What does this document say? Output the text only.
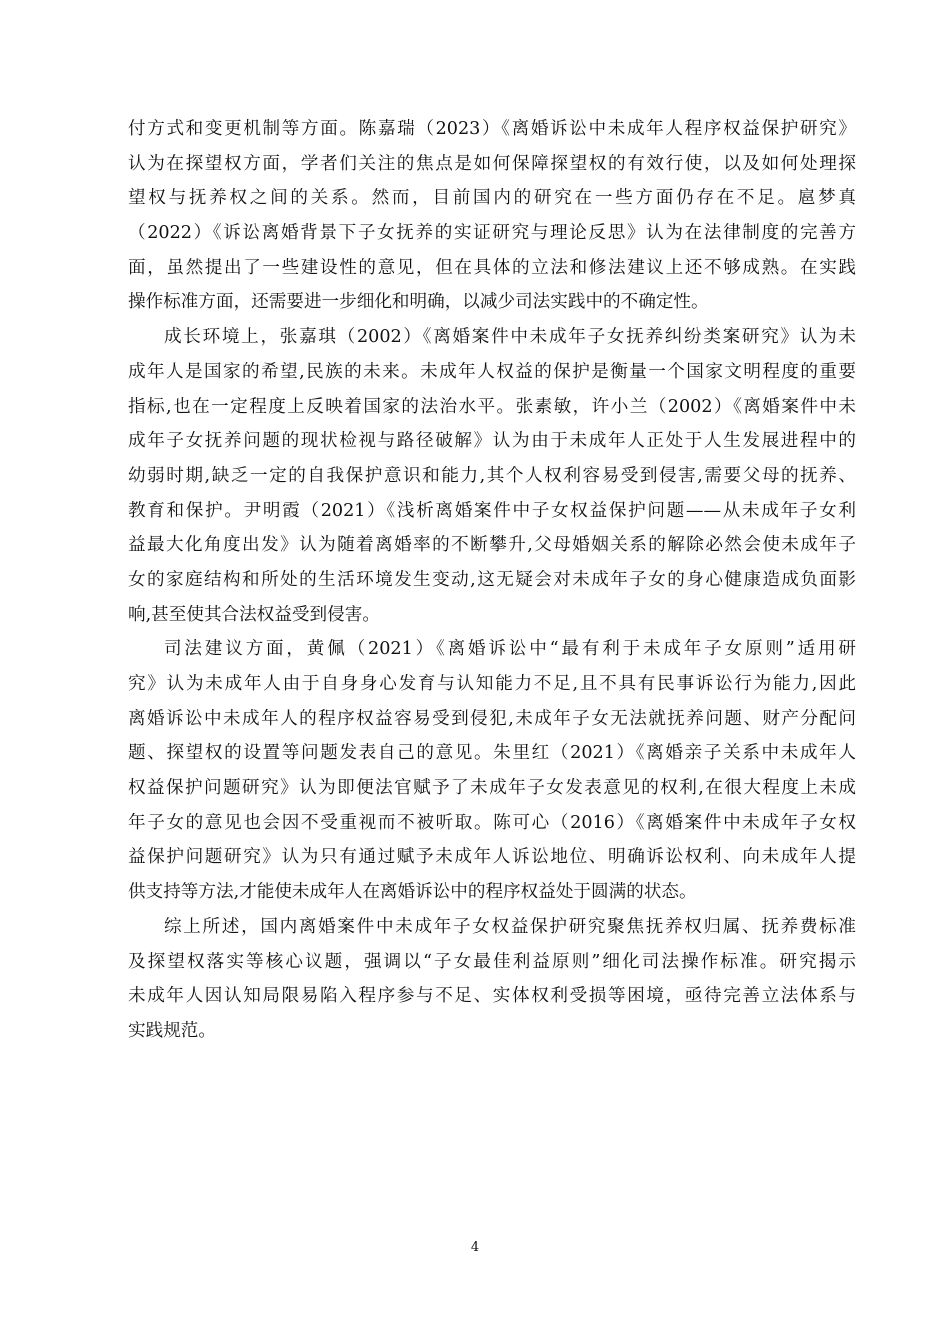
付方式和变更机制等方面。陈嘉瑞（2023）《离婚诉讼中未成年人程序权益保护研究》
认为在探望权方面，学者们关注的焦点是如何保障探望权的有效行使，以及如何处理探
望权与抚养权之间的关系。然而，目前国内的研究在一些方面仍存在不足。扈梦真
（2022）《诉讼离婚背景下子女抚养的实证研究与理论反思》认为在法律制度的完善方
面，虽然提出了一些建设性的意见，但在具体的立法和修法建议上还不够成熟。在实践
操作标准方面，还需要进一步细化和明确，以减少司法实践中的不确定性。
成长环境上，张嘉琪（2002）《离婚案件中未成年子女抚养纠纷类案研究》认为未
成年人是国家的希望,民族的未来。未成年人权益的保护是衡量一个国家文明程度的重要
指标,也在一定程度上反映着国家的法治水平。张素敏，许小兰（2002）《离婚案件中未
成年子女抚养问题的现状检视与路径破解》认为由于未成年人正处于人生发展进程中的
幼弱时期,缺乏一定的自我保护意识和能力,其个人权利容易受到侵害,需要父母的抚养、
教育和保护。尹明霞（2021）《浅析离婚案件中子女权益保护问题——从未成年子女利
益最大化角度出发》认为随着离婚率的不断攀升,父母婚姻关系的解除必然会使未成年子
女的家庭结构和所处的生活环境发生变动,这无疑会对未成年子女的身心健康造成负面影
响,甚至使其合法权益受到侵害。
司法建议方面，黄佩（2021）《离婚诉讼中“最有利于未成年子女原则”适用研
究》认为未成年人由于自身身心发育与认知能力不足,且不具有民事诉讼行为能力,因此
离婚诉讼中未成年人的程序权益容易受到侵犯,未成年子女无法就抚养问题、财产分配问
题、探望权的设置等问题发表自己的意见。朱里红（2021）《离婚亲子关系中未成年人
权益保护问题研究》认为即便法官赋予了未成年子女发表意见的权利,在很大程度上未成
年子女的意见也会因不受重视而不被听取。陈可心（2016）《离婚案件中未成年子女权
益保护问题研究》认为只有通过赋予未成年人诉讼地位、明确诉讼权利、向未成年人提
供支持等方法,才能使未成年人在离婚诉讼中的程序权益处于圆满的状态。
综上所述，国内离婚案件中未成年子女权益保护研究聚焦抚养权归属、抚养费标准
及探望权落实等核心议题，强调以“子女最佳利益原则”细化司法操作标准。研究揭示
未成年人因认知局限易陷入程序参与不足、实体权利受损等困境，亟待完善立法体系与
实践规范。
4
